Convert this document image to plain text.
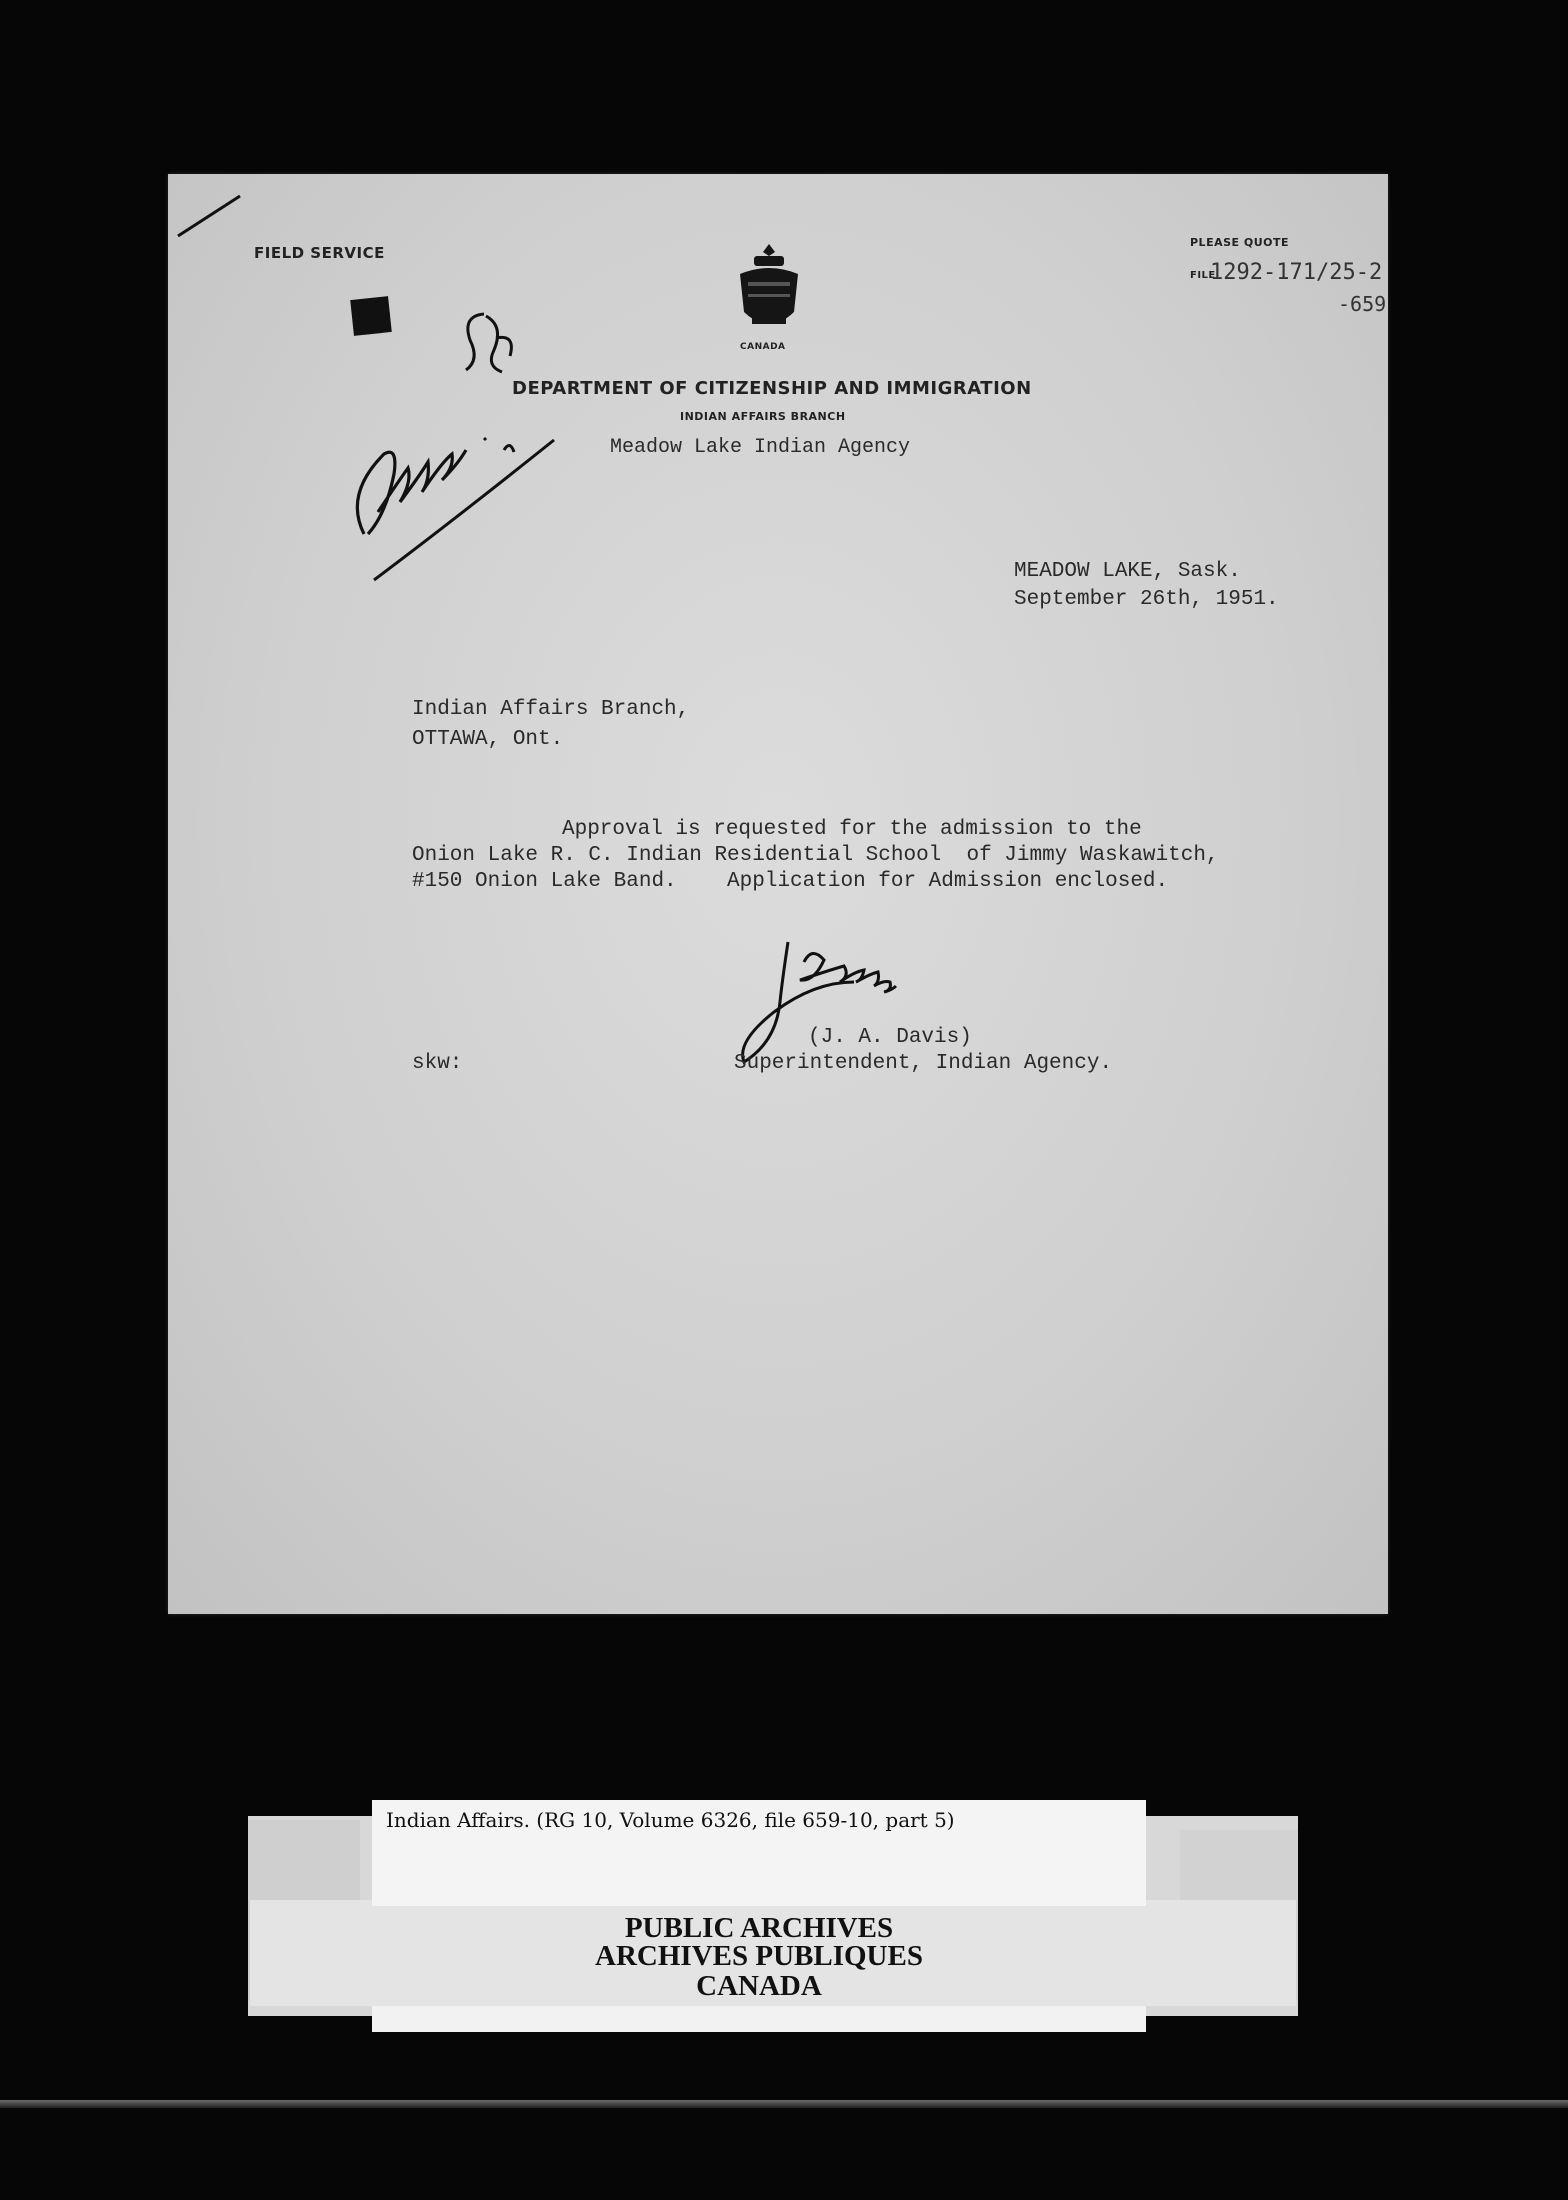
FIELD SERVICE
PLEASE QUOTE
FILE
1292-171/25-2
-659
CANADA
DEPARTMENT OF CITIZENSHIP AND IMMIGRATION
INDIAN AFFAIRS BRANCH
Meadow Lake Indian Agency
MEADOW LAKE, Sask.
September 26th, 1951.
Indian Affairs Branch,
OTTAWA, Ont.
Approval is requested for the admission to the
Onion Lake R. C. Indian Residential School  of Jimmy Waskawitch,
#150 Onion Lake Band.    Application for Admission enclosed.
(J. A. Davis)
Superintendent, Indian Agency.
skw:
Indian Affairs. (RG 10, Volume 6326, file 659-10, part 5)
PUBLIC ARCHIVES
ARCHIVES PUBLIQUES
CANADA
